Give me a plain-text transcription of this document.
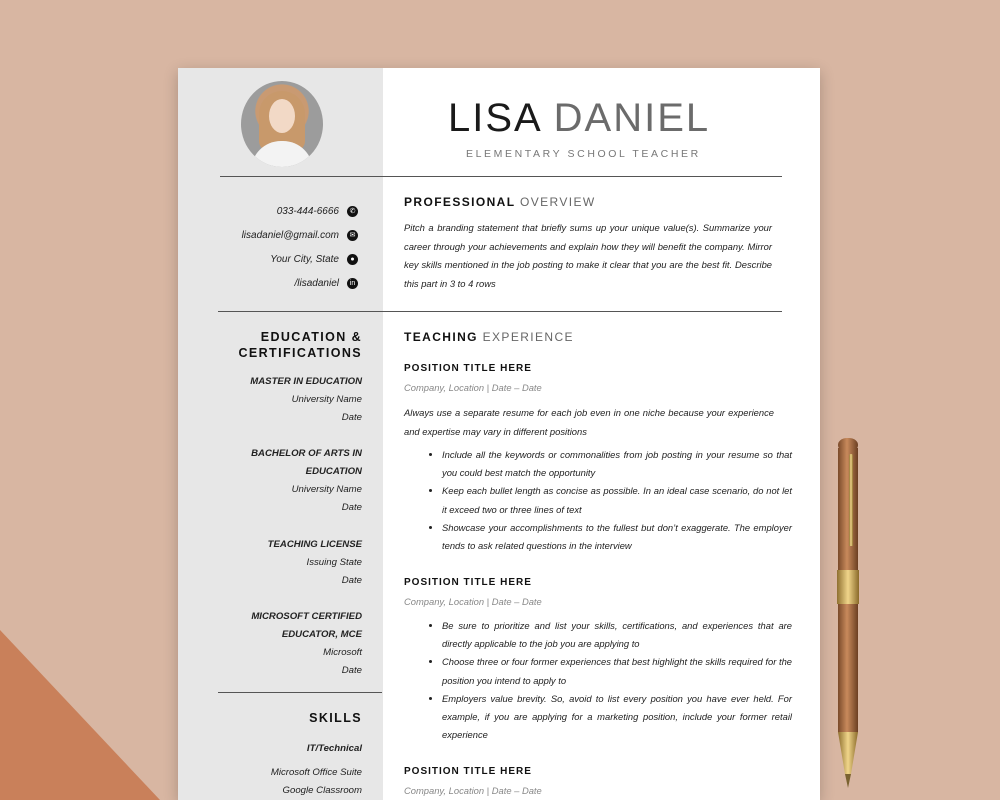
LISA DANIEL
ELEMENTARY SCHOOL TEACHER
033-444-6666	✆
lisadaniel@gmail.com	✉
Your City, State	●
/lisadaniel	in
EDUCATION &
CERTIFICATIONS
MASTER IN EDUCATION
University Name
Date
BACHELOR OF ARTS IN
EDUCATION
University Name
Date
TEACHING LICENSE
Issuing State
Date
MICROSOFT CERTIFIED
EDUCATOR, MCE
Microsoft
Date
SKILLS
IT/Technical
Microsoft Office Suite
Google Classroom
PROFESSIONAL OVERVIEW
Pitch a branding statement that briefly sums up your unique value(s). Summarize your career through your achievements and explain how they will benefit the company. Mirror key skills mentioned in the job posting to make it clear that you are the best fit. Describe this part in 3 to 4 rows
TEACHING EXPERIENCE
POSITION TITLE HERE
Company, Location | Date – Date
Always use a separate resume for each job even in one niche because your experience and expertise may vary in different positions
• Include all the keywords or commonalities from job posting in your resume so that you could best match the opportunity
• Keep each bullet length as concise as possible. In an ideal case scenario, do not let it exceed two or three lines of text
• Showcase your accomplishments to the fullest but don’t exaggerate. The employer tends to ask related questions in the interview
POSITION TITLE HERE
Company, Location | Date – Date
• Be sure to prioritize and list your skills, certifications, and experiences that are directly applicable to the job you are applying to
• Choose three or four former experiences that best highlight the skills required for the position you intend to apply to
• Employers value brevity. So, avoid to list every position you have ever held. For example, if you are applying for a marketing position, include your former retail experience
POSITION TITLE HERE
Company, Location | Date – Date
